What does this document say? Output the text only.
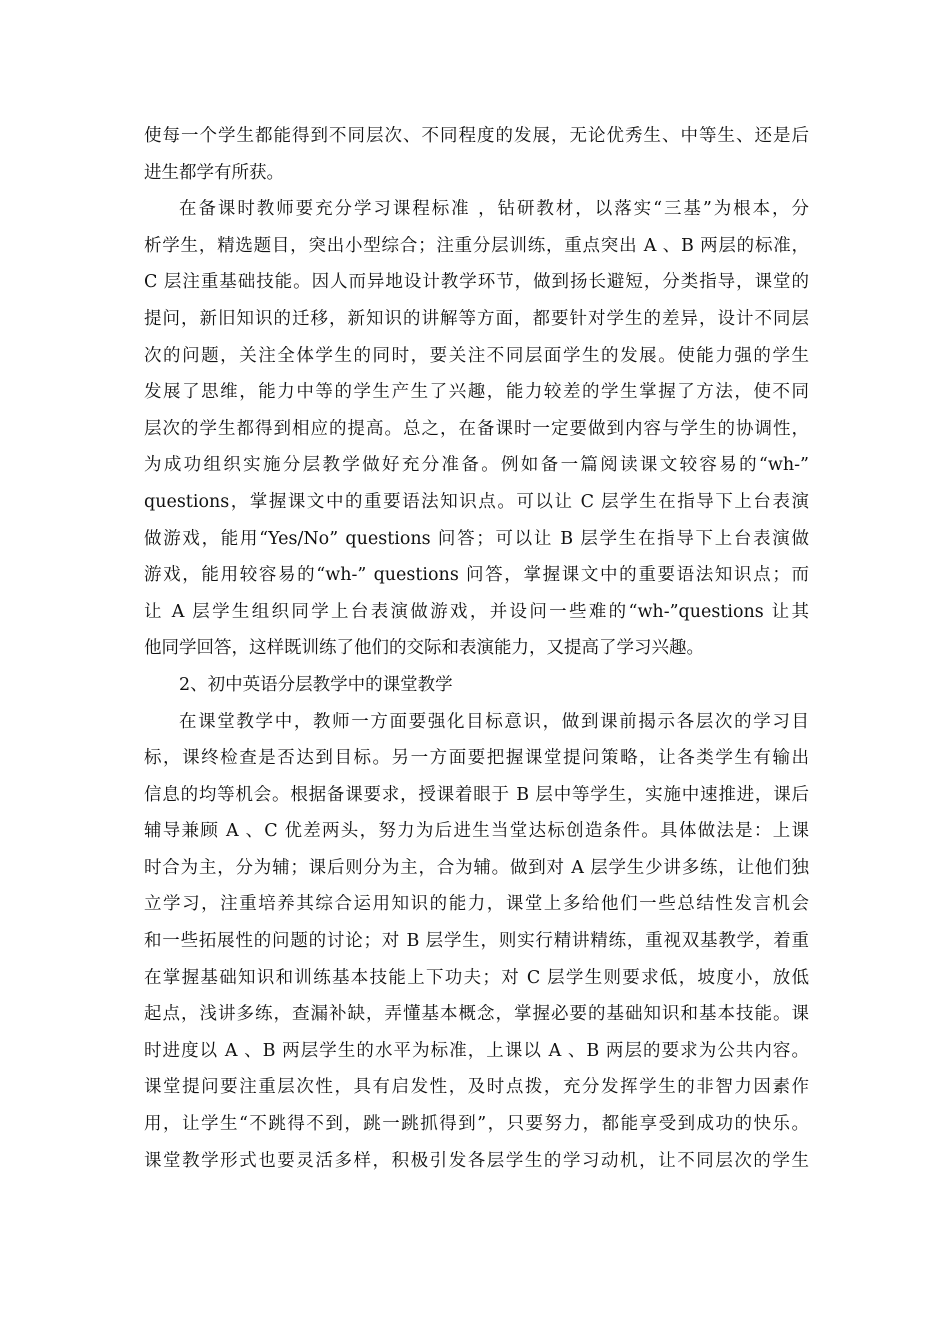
使每一个学生都能得到不同层次、不同程度的发展，无论优秀生、中等生、还是后
进生都学有所获。
在备课时教师要充分学习课程标准 ，钻研教材，以落实“三基”为根本，分
析学生，精选题目，突出小型综合；注重分层训练，重点突出 A 、B 两层的标准，
C 层注重基础技能。因人而异地设计教学环节，做到扬长避短，分类指导，课堂的
提问，新旧知识的迁移，新知识的讲解等方面，都要针对学生的差异，设计不同层
次的问题，关注全体学生的同时，要关注不同层面学生的发展。使能力强的学生
发展了思维，能力中等的学生产生了兴趣，能力较差的学生掌握了方法，使不同
层次的学生都得到相应的提高。总之，在备课时一定要做到内容与学生的协调性，
为成功组织实施分层教学做好充分准备。例如备一篇阅读课文较容易的“wh-”
questions，掌握课文中的重要语法知识点。可以让 C 层学生在指导下上台表演
做游戏，能用“Yes/No” questions 问答；可以让 B 层学生在指导下上台表演做
游戏，能用较容易的“wh-” questions 问答，掌握课文中的重要语法知识点；而
让 A 层学生组织同学上台表演做游戏，并设问一些难的“wh-”questions 让其
他同学回答，这样既训练了他们的交际和表演能力，又提高了学习兴趣。
2、初中英语分层教学中的课堂教学
在课堂教学中，教师一方面要强化目标意识，做到课前揭示各层次的学习目
标，课终检查是否达到目标。另一方面要把握课堂提问策略，让各类学生有输出
信息的均等机会。根据备课要求，授课着眼于 B 层中等学生，实施中速推进，课后
辅导兼顾 A 、C 优差两头，努力为后进生当堂达标创造条件。具体做法是：上课
时合为主，分为辅；课后则分为主，合为辅。做到对 A 层学生少讲多练，让他们独
立学习，注重培养其综合运用知识的能力，课堂上多给他们一些总结性发言机会
和一些拓展性的问题的讨论；对 B 层学生，则实行精讲精练，重视双基教学，着重
在掌握基础知识和训练基本技能上下功夫；对 C 层学生则要求低，坡度小，放低
起点，浅讲多练，查漏补缺，弄懂基本概念，掌握必要的基础知识和基本技能。课
时进度以 A 、B 两层学生的水平为标准，上课以 A 、B 两层的要求为公共内容。
课堂提问要注重层次性，具有启发性，及时点拨，充分发挥学生的非智力因素作
用，让学生“不跳得不到，跳一跳抓得到”，只要努力，都能享受到成功的快乐。
课堂教学形式也要灵活多样，积极引发各层学生的学习动机，让不同层次的学生
